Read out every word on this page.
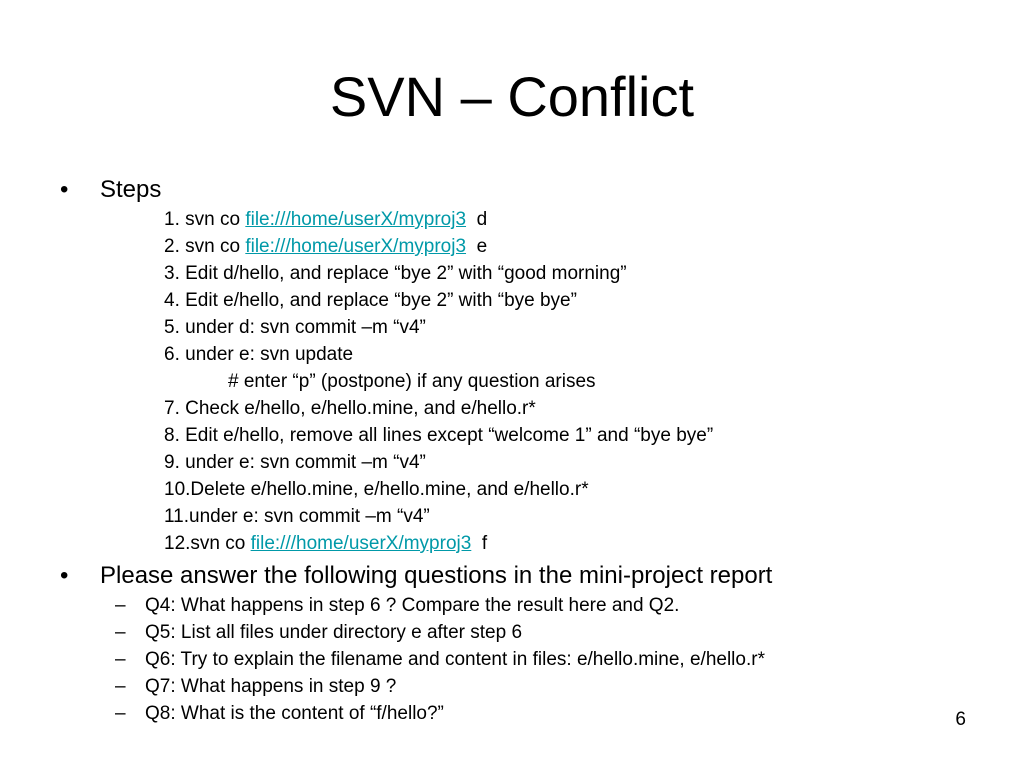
SVN – Conflict
• Steps
1. svn co file:///home/userX/myproj3  d
2. svn co file:///home/userX/myproj3  e
3. Edit d/hello, and replace “bye 2” with “good morning”
4. Edit e/hello, and replace “bye 2” with “bye bye”
5. under d: svn commit –m “v4”
6. under e: svn update
# enter “p” (postpone) if any question arises
7. Check e/hello, e/hello.mine, and e/hello.r*
8. Edit e/hello, remove all lines except “welcome 1” and “bye bye”
9. under e: svn commit –m “v4”
10.Delete e/hello.mine, e/hello.mine, and e/hello.r*
11.under e: svn commit –m “v4”
12.svn co file:///home/userX/myproj3  f
• Please answer the following questions in the mini-project report
– Q4: What happens in step 6 ? Compare the result here and Q2.
– Q5: List all files under directory e after step 6
– Q6: Try to explain the filename and content in files: e/hello.mine, e/hello.r*
– Q7: What happens in step 9 ?
– Q8: What is the content of “f/hello?”	6
